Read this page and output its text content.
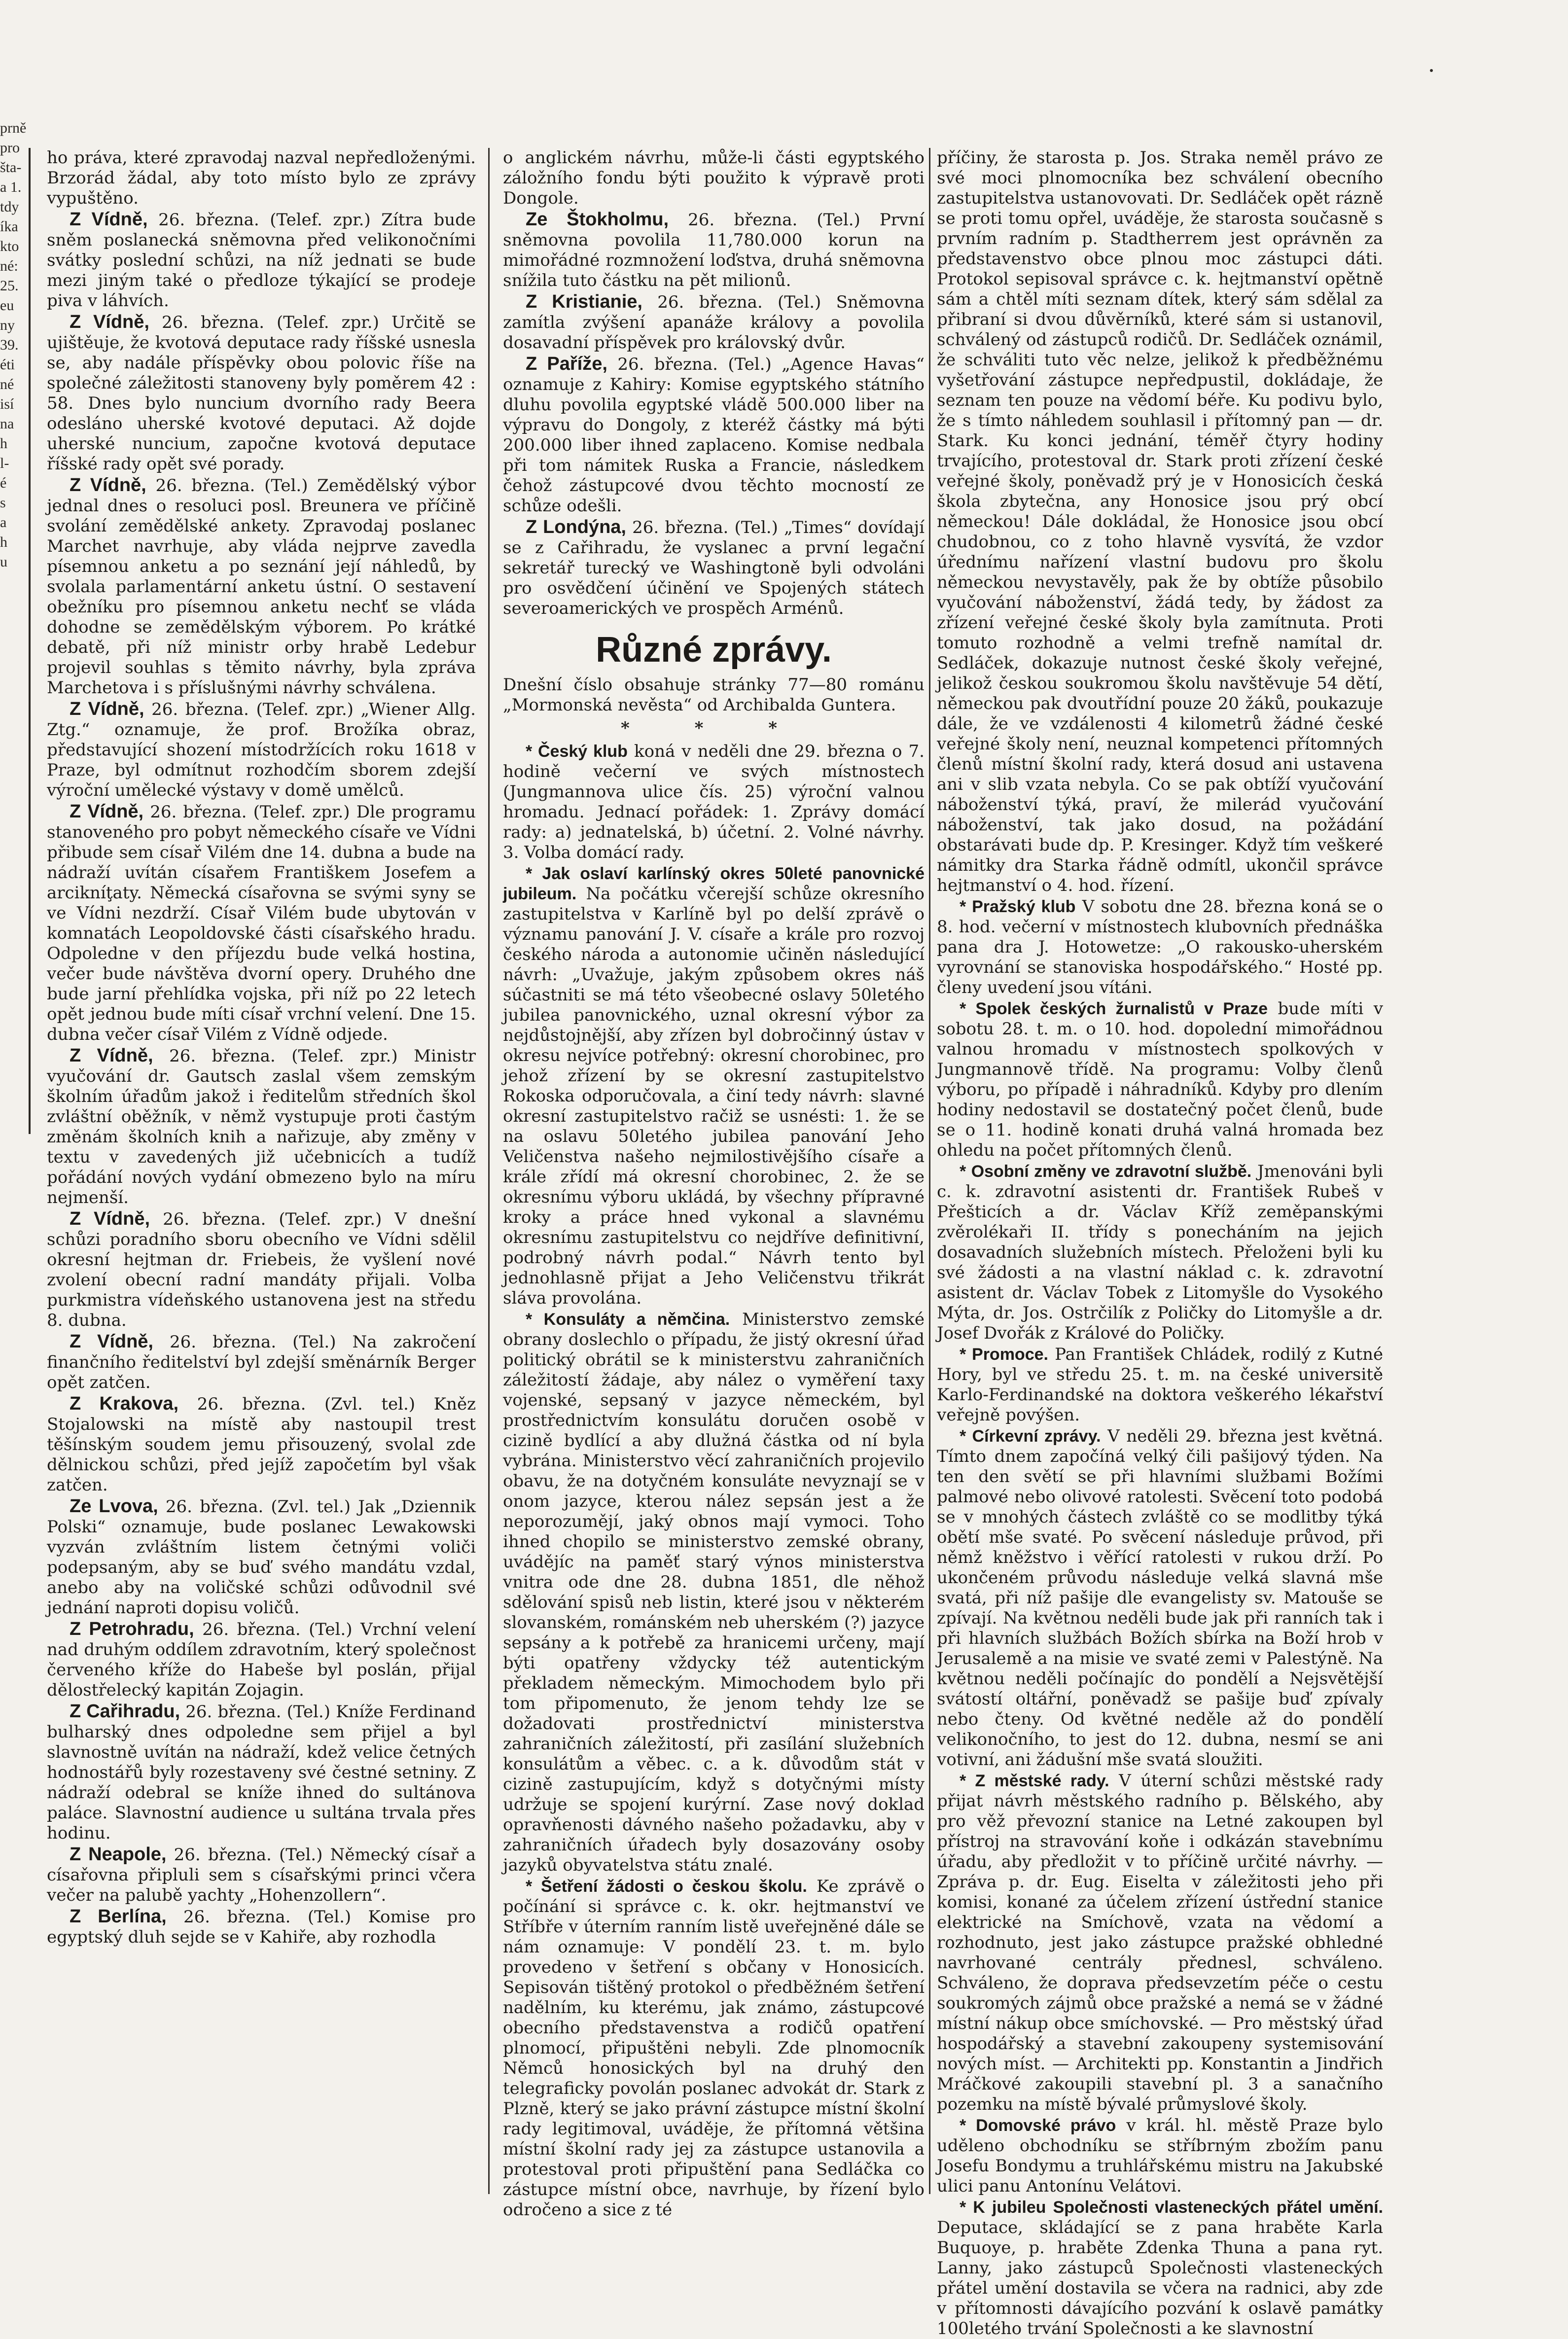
prně
pro
šta-
a 1.
tdy
íka
kto
né:
25.
eu
ny
39.
éti
né
isí
na
h
l-
é
s
a
h
u

ho práva, které zpravodaj nazval nepředloženými. Brzorád žádal, aby toto místo bylo ze zprávy vypuštěno.

Z Vídně, 26. března. (Telef. zpr.) Zítra bude sněm poslanecká sněmovna před velikonočními svátky poslední schůzi, na níž jednati se bude mezi jiným také o předloze týkající se prodeje piva v láhvích.

Z Vídně, 26. března. (Telef. zpr.) Určitě se ujištěuje, že kvotová deputace rady říšské usnesla se, aby nadále příspěvky obou polovic říše na společné záležitosti stanoveny byly poměrem 42 : 58. Dnes bylo nuncium dvorního rady Beera odesláno uherské kvotové deputaci. Až dojde uherské nuncium, započne kvotová deputace říšské rady opět své porady.

Z Vídně, 26. března. (Tel.) Zemědělský výbor jednal dnes o resoluci posl. Breunera ve příčině svolání zemědělské ankety. Zpravodaj poslanec Marchet navrhuje, aby vláda nejprve zavedla písemnou anketu a po seznání její náhledů, by svolala parlamentární anketu ústní. O sestavení obežníku pro písemnou anketu nechť se vláda dohodne se zemědělským výborem. Po krátké debatě, při níž ministr orby hrabě Ledebur projevil souhlas s těmito návrhy, byla zpráva Marchetova i s příslušnými návrhy schválena.

Z Vídně, 26. března. (Telef. zpr.) „Wiener Allg. Ztg.“ oznamuje, že prof. Brožíka obraz, představující shození místodržících roku 1618 v Praze, byl odmítnut rozhodčím sborem zdejší výroční umělecké výstavy v domě umělců.

Z Vídně, 26. března. (Telef. zpr.) Dle programu stanoveného pro pobyt německého císaře ve Vídni přibude sem císař Vilém dne 14. dubna a bude na nádraží uvítán císařem Františkem Josefem a arcikníţaty. Německá císařovna se svými syny se ve Vídni nezdrží. Císař Vilém bude ubytován v komnatách Leopoldovské části císařského hradu. Odpoledne v den příjezdu bude velká hostina, večer bude návštěva dvorní opery. Druhého dne bude jarní přehlídka vojska, při níž po 22 letech opět jednou bude míti císař vrchní velení. Dne 15. dubna večer císař Vilém z Vídně odjede.

Z Vídně, 26. března. (Telef. zpr.) Ministr vyučování dr. Gautsch zaslal všem zemským školním úřadům jakož i ředitelům středních škol zvláštní oběžník, v němž vystupuje proti častým změnám školních knih a nařizuje, aby změny v textu v zavedených již učebnicích a tudíž pořádání nových vydání obmezeno bylo na míru nejmenší.

Z Vídně, 26. března. (Telef. zpr.) V dnešní schůzi poradního sboru obecního ve Vídni sdělil okresní hejtman dr. Friebeis, že vyšlení nové zvolení obecní radní mandáty přijali. Volba purkmistra vídeňského ustanovena jest na středu 8. dubna.

Z Vídně, 26. března. (Tel.) Na zakročení finančního ředitelství byl zdejší směnárník Berger opět zatčen.

Z Krakova, 26. března. (Zvl. tel.) Kněz Stojalowski na místě aby nastoupil trest těšínským soudem jemu přisouzený, svolal zde dělnickou schůzi, před jejíž započetím byl však zatčen.

Ze Lvova, 26. března. (Zvl. tel.) Jak „Dziennik Polski“ oznamuje, bude poslanec Lewakowski vyzván zvláštním listem četnými voliči podepsaným, aby se buď svého mandátu vzdal, anebo aby na voličské schůzi odůvodnil své jednání naproti dopisu voličů.

Z Petrohradu, 26. března. (Tel.) Vrchní velení nad druhým oddílem zdravotním, který společnost červeného kříže do Habeše byl poslán, přijal dělostřelecký kapitán Zojagin.

Z Cařihradu, 26. března. (Tel.) Kníže Ferdinand bulharský dnes odpoledne sem přijel a byl slavnostně uvítán na nádraží, kdež velice četných hodnostářů byly rozestaveny své čestné setniny. Z nádraží odebral se kníže ihned do sultánova paláce. Slavnostní audience u sultána trvala přes hodinu.

Z Neapole, 26. března. (Tel.) Německý císař a císařovna připluli sem s císařskými princi včera večer na palubě yachty „Hohenzollern“.

Z Berlína, 26. března. (Tel.) Komise pro egyptský dluh sejde se v Kahiře, aby rozhodla

o anglickém návrhu, může-li části egyptského záložního fondu býti použito k výpravě proti Dongole.

Ze Štokholmu, 26. března. (Tel.) První sněmovna povolila 11,780.000 korun na mimořádné rozmnožení loďstva, druhá sněmovna snížila tuto částku na pět milionů.

Z Kristianie, 26. března. (Tel.) Sněmovna zamítla zvýšení apanáže královy a povolila dosavadní příspěvek pro královský dvůr.

Z Paříže, 26. března. (Tel.) „Agence Havas“ oznamuje z Kahiry: Komise egyptského státního dluhu povolila egyptské vládě 500.000 liber na výpravu do Dongoly, z kteréž částky má býti 200.000 liber ihned zaplaceno. Komise nedbala při tom námitek Ruska a Francie, následkem čehož zástupcové dvou těchto mocností ze schůze odešli.

Z Londýna, 26. března. (Tel.) „Times“ dovídají se z Cařihradu, že vyslanec a první legační sekretář turecký ve Washingtoně byli odvoláni pro osvědčení účinění ve Spojených státech severoamerických ve prospěch Arménů.

Různé zprávy.

Dnešní číslo obsahuje stránky 77—80 románu „Mormonská nevěsta“ od Archibalda Guntera.

* * *

* Český klub koná v neděli dne 29. března o 7. hodině večerní ve svých místnostech (Jungmannova ulice čís. 25) výroční valnou hromadu. Jednací pořádek: 1. Zprávy domácí rady: a) jednatelská, b) účetní. 2. Volné návrhy. 3. Volba domácí rady.

* Jak oslaví karlínský okres 50leté panovnické jubileum. Na počátku včerejší schůze okresního zastupitelstva v Karlíně byl po delší zprávě o významu panování J. V. císaře a krále pro rozvoj českého národa a autonomie učiněn následující návrh: „Uvažuje, jakým způsobem okres náš súčastniti se má této všeobecné oslavy 50letého jubilea panovnického, uznal okresní výbor za nejdůstojnější, aby zřízen byl dobročinný ústav v okresu nejvíce potřebný: okresní chorobinec, pro jehož zřízení by se okresní zastupitelstvo Rokoska odporučovala, a činí tedy návrh: slavné okresní zastupitelstvo račiž se usnésti: 1. že se na oslavu 50letého jubilea panování Jeho Veličenstva našeho nejmilostivějšího císaře a krále zřídí má okresní chorobinec, 2. že se okresnímu výboru ukládá, by všechny přípravné kroky a práce hned vykonal a slavnému okresnímu zastupitelstvu co nejdříve definitivní, podrobný návrh podal.“ Návrh tento byl jednohlasně přijat a Jeho Veličenstvu třikrát sláva provolána.

* Konsuláty a němčina. Ministerstvo zemské obrany doslechlo o případu, že jistý okresní úřad politický obrátil se k ministerstvu zahraničních záležitostí žádaje, aby nález o vyměření taxy vojenské, sepsaný v jazyce německém, byl prostřednictvím konsulátu doručen osobě v cizině bydlící a aby dlužná částka od ní byla vybrána. Ministerstvo věcí zahraničních projevilo obavu, že na dotyčném konsuláte nevyznají se v onom jazyce, kterou nález sepsán jest a že neporozumějí, jaký obnos mají vymoci. Toho ihned chopilo se ministerstvo zemské obrany, uvádějíc na paměť starý výnos ministerstva vnitra ode dne 28. dubna 1851, dle něhož sdělování spisů neb listin, které jsou v některém slovanském, románském neb uherském (?) jazyce sepsány a k potřebě za hranicemi určeny, mají býti opatřeny vždycky též autentickým překladem německým. Mimochodem bylo při tom připomenuto, že jenom tehdy lze se dožadovati prostřednictví ministerstva zahraničních záležitostí, při zasílání služebních konsulátům a věbec. c. a k. důvodům stát v cizině zastupujícím, když s dotyčnými místy udržuje se spojení kurýrní. Zase nový doklad opravňenosti dávného našeho požadavku, aby v zahraničních úřadech byly dosazovány osoby jazyků obyvatelstva státu znalé.

* Šetření žádosti o českou školu. Ke zprávě o počínání si správce c. k. okr. hejtmanství ve Stříbře v úterním ranním listě uveřejněné dále se nám oznamuje: V pondělí 23. t. m. bylo provedeno v šetření s občany v Honosicích. Sepisován tištěný protokol o předběžném šetření nadělním, ku kterému, jak známo, zástupcové obecního představenstva a rodičů opatření plnomocí, připuštěni nebyli. Zde plnomocník Němců honosických byl na druhý den telegraficky povolán poslanec advokát dr. Stark z Plzně, který se jako právní zástupce místní školní rady legitimoval, uváděje, že přítomná většina místní školní rady jej za zástupce ustanovila a protestoval proti připuštění pana Sedláčka co zástupce místní obce, navrhuje, by řízení bylo odročeno a sice z té

příčiny, že starosta p. Jos. Straka neměl právo ze své moci plnomocníka bez schválení obecního zastupitelstva ustanovovati. Dr. Sedláček opět rázně se proti tomu opřel, uváděje, že starosta současně s prvním radním p. Stadtherrem jest oprávněn za představenstvo obce plnou moc zástupci dáti. Protokol sepisoval správce c. k. hejtmanství opětně sám a chtěl míti seznam dítek, který sám sdělal za přibraní si dvou důvěrníků, které sám si ustanovil, schválený od zástupců rodičů. Dr. Sedláček oznámil, že schváliti tuto věc nelze, jelikož k předběžnému vyšetřování zástupce nepředpustil, dokládaje, že seznam ten pouze na vědomí béře. Ku podivu bylo, že s tímto náhledem souhlasil i přítomný pan — dr. Stark. Ku konci jednání, téměř čtyry hodiny trvajícího, protestoval dr. Stark proti zřízení české veřejné školy, poněvadž prý je v Honosicích česká škola zbytečna, any Honosice jsou prý obcí německou! Dále dokládal, že Honosice jsou obcí chudobnou, co z toho hlavně vysvítá, že vzdor úřednímu nařízení vlastní budovu pro školu německou nevystavěly, pak že by obtíže působilo vyučování náboženství, žádá tedy, by žádost za zřízení veřejné české školy byla zamítnuta. Proti tomuto rozhodně a velmi trefně namítal dr. Sedláček, dokazuje nutnost české školy veřejné, jelikož českou soukromou školu navštěvuje 54 dětí, německou pak dvoutřídní pouze 20 žáků, poukazuje dále, že ve vzdálenosti 4 kilometrů žádné české veřejné školy není, neuznal kompetenci přítomných členů místní školní rady, která dosud ani ustavena ani v slib vzata nebyla. Co se pak obtíží vyučování náboženství týká, praví, že milerád vyučování náboženství, tak jako dosud, na požádání obstarávati bude dp. P. Kresinger. Když tím veškeré námitky dra Starka řádně odmítl, ukončil správce hejtmanství o 4. hod. řízení.

* Pražský klub V sobotu dne 28. března koná se o 8. hod. večerní v místnostech klubovních přednáška pana dra J. Hotowetze: „O rakousko-uherském vyrovnání se stanoviska hospodářského.“ Hosté pp. členy uvedení jsou vítáni.

* Spolek českých žurnalistů v Praze bude míti v sobotu 28. t. m. o 10. hod. dopolední mimořádnou valnou hromadu v místnostech spolkových v Jungmannově třídě. Na programu: Volby členů výboru, po případě i náhradníků. Kdyby pro dlením hodiny nedostavil se dostatečný počet členů, bude se o 11. hodině konati druhá valná hromada bez ohledu na počet přítomných členů.

* Osobní změny ve zdravotní službě. Jmenováni byli c. k. zdravotní asistenti dr. František Rubeš v Přešticích a dr. Václav Kříž zeměpanskými zvěrolékaři II. třídy s ponecháním na jejich dosavadních služebních místech. Přeloženi byli ku své žádosti a na vlastní náklad c. k. zdravotní asistent dr. Václav Tobek z Litomyšle do Vysokého Mýta, dr. Jos. Ostrčilík z Poličky do Litomyšle a dr. Josef Dvořák z Králové do Poličky.

* Promoce. Pan František Chládek, rodilý z Kutné Hory, byl ve středu 25. t. m. na české universitě Karlo-Ferdinandské na doktora veškerého lékařství veřejně povýšen.

* Církevní zprávy. V neděli 29. března jest květná. Tímto dnem započíná velký čili pašijový týden. Na ten den světí se při hlavními službami Božími palmové nebo olivové ratolesti. Svěcení toto podobá se v mnohých částech zvláště co se modlitby týká obětí mše svaté. Po svěcení následuje průvod, při němž kněžstvo i věřící ratolesti v rukou drží. Po ukončeném průvodu následuje velká slavná mše svatá, při níž pašije dle evangelisty sv. Matouše se zpívají. Na květnou neděli bude jak při ranních tak i při hlavních službách Božích sbírka na Boží hrob v Jerusalemě a na misie ve svaté zemi v Palestýně. Na květnou neděli počínajíc do pondělí a Nejsvětější svátostí oltářní, poněvadž se pašije buď zpívaly nebo čteny. Od květné neděle až do pondělí velikonočního, to jest do 12. dubna, nesmí se ani votivní, ani žádušní mše svatá sloužiti.

* Z městské rady. V úterní schůzi městské rady přijat návrh městského radního p. Bělského, aby pro věž převozní stanice na Letné zakoupen byl přístroj na stravování koňe i odkázán stavebnímu úřadu, aby předložit v to příčině určité návrhy. — Zpráva p. dr. Eug. Eiselta v záležitosti jeho při komisi, konané za účelem zřízení ústřední stanice elektrické na Smíchově, vzata na vědomí a rozhodnuto, jest jako zástupce pražské obhledné navrhované centrály přednesl, schváleno. Schváleno, že doprava předsevzetím péče o cestu soukromých zájmů obce pražské a nemá se v žádné místní nákup obce smíchovské. — Pro městský úřad hospodářský a stavební zakoupeny systemisování nových míst. — Architekti pp. Konstantin a Jindřich Mráčkové zakoupili stavební pl. 3 a sanačního pozemku na místě bývalé průmyslové školy.

* Domovské právo v král. hl. městě Praze bylo uděleno obchodníku se stříbrným zbožím panu Josefu Bondymu a truhlářskému mistru na Jakubské ulici panu Antonínu Velátovi.

* K jubileu Společnosti vlasteneckých přátel umění. Deputace, skládající se z pana hraběte Karla Buquoye, p. hraběte Zdenka Thuna a pana ryt. Lanny, jako zástupců Společnosti vlasteneckých přátel umění dostavila se včera na radnici, aby zde v přítomnosti dávajícího pozvání k oslavě památky 100letého trvání Společnosti a ke slavnostní
